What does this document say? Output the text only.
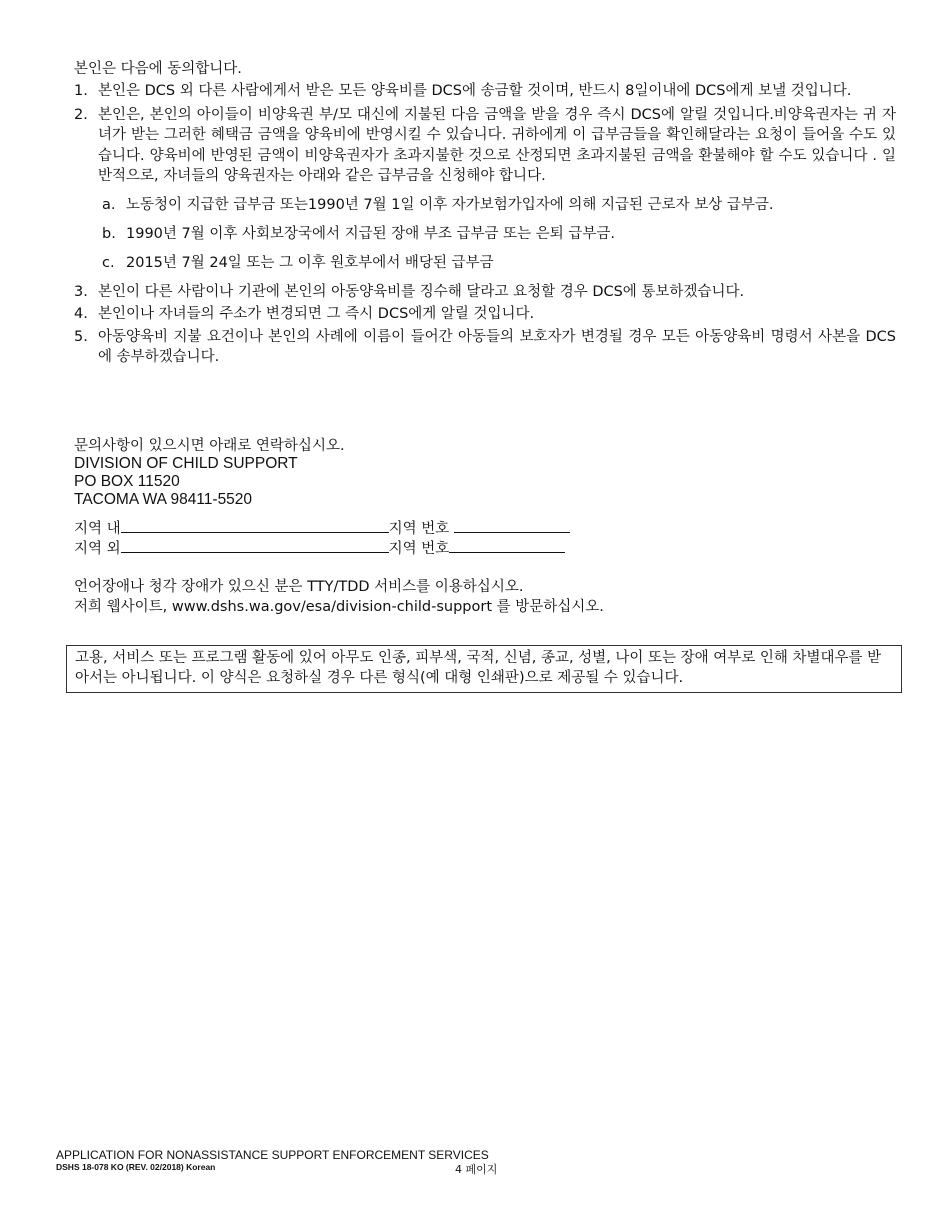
본인은 다음에 동의합니다.
1. 본인은 DCS 외 다른 사람에게서 받은 모든 양육비를 DCS에 송금할 것이며, 반드시 8일이내에 DCS에게 보낼 것입니다.
2. 본인은, 본인의 아이들이 비양육권 부/모 대신에 지불된 다음 금액을 받을 경우 즉시 DCS에 알릴 것입니다.비양육권자는 귀 자녀가 받는 그러한 혜택금 금액을 양육비에 반영시킬 수 있습니다. 귀하에게 이 급부금들을 확인해달라는 요청이 들어올 수도 있습니다. 양육비에 반영된 금액이 비양육권자가 초과지불한 것으로 산정되면 초과지불된 금액을 환불해야 할 수도 있습니다 . 일반적으로, 자녀들의 양육권자는 아래와 같은 급부금을 신청해야 합니다.
a. 노동청이 지급한 급부금 또는1990년 7월 1일 이후 자가보험가입자에 의해 지급된 근로자 보상 급부금.
b. 1990년 7월 이후 사회보장국에서 지급된 장애 부조 급부금 또는 은퇴 급부금.
c. 2015년 7월 24일 또는 그 이후 원호부에서 배당된 급부금
3. 본인이 다른 사람이나 기관에 본인의 아동양육비를 징수해 달라고 요청할 경우 DCS에 통보하겠습니다.
4. 본인이나 자녀들의 주소가 변경되면 그 즉시 DCS에게 알릴 것입니다.
5. 아동양육비 지불 요건이나 본인의 사례에 이름이 들어간 아동들의 보호자가 변경될 경우 모든 아동양육비 명령서 사본을 DCS에 송부하겠습니다.
문의사항이 있으시면 아래로 연락하십시오.
DIVISION OF CHILD SUPPORT
PO BOX 11520
TACOMA WA 98411-5520
지역 내	지역 번호
지역 외	지역 번호
언어장애나 청각 장애가 있으신 분은 TTY/TDD 서비스를 이용하십시오.
저희 웹사이트, www.dshs.wa.gov/esa/division-child-support 를 방문하십시오.
고용, 서비스 또는 프로그램 활동에 있어 아무도 인종, 피부색, 국적, 신념, 종교, 성별, 나이 또는 장애 여부로 인해 차별대우를 받아서는 아니됩니다. 이 양식은 요청하실 경우 다른 형식(예 대형 인쇄판)으로 제공될 수 있습니다.
APPLICATION FOR NONASSISTANCE SUPPORT ENFORCEMENT SERVICES
DSHS 18-078 KO (REV. 02/2018) Korean	4 페이지
